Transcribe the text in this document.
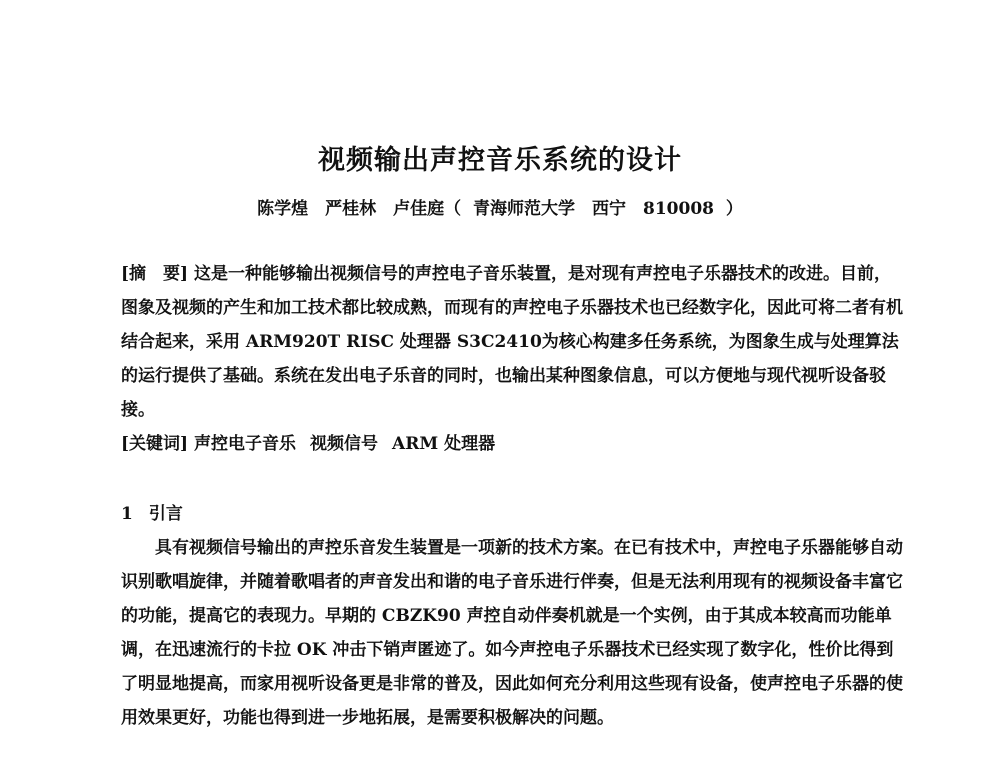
视频输出声控音乐系统的设计

陈学煌　严桂林　卢佳庭（ 青海师范大学　西宁　810008 ）

[摘　要] 这是一种能够输出视频信号的声控电子音乐装置，是对现有声控电子乐器技术的改进。目前，图象及视频的产生和加工技术都比较成熟，而现有的声控电子乐器技术也已经数字化，因此可将二者有机结合起来，采用 ARM920T RISC 处理器 S3C2410为核心构建多任务系统，为图象生成与处理算法的运行提供了基础。系统在发出电子乐音的同时，也输出某种图象信息，可以方便地与现代视听设备驳接。

[关键词] 声控电子音乐 视频信号 ARM 处理器

1 引言

具有视频信号输出的声控乐音发生装置是一项新的技术方案。在已有技术中，声控电子乐器能够自动识别歌唱旋律，并随着歌唱者的声音发出和谐的电子音乐进行伴奏，但是无法利用现有的视频设备丰富它的功能，提高它的表现力。早期的 CBZK90 声控自动伴奏机就是一个实例，由于其成本较高而功能单调，在迅速流行的卡拉 OK 冲击下销声匿迹了。如今声控电子乐器技术已经实现了数字化，性价比得到了明显地提高，而家用视听设备更是非常的普及，因此如何充分利用这些现有设备，使声控电子乐器的使用效果更好，功能也得到进一步地拓展，是需要积极解决的问题。
